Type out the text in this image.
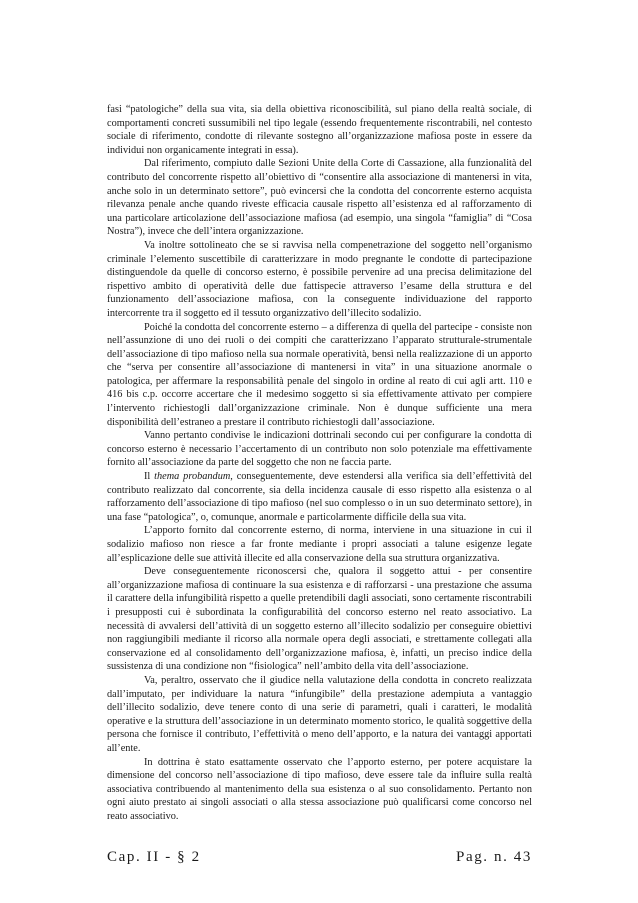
fasi “patologiche” della sua vita, sia della obiettiva riconoscibilità, sul piano della realtà sociale, di comportamenti concreti sussumibili nel tipo legale (essendo frequentemente riscontrabili, nel contesto sociale di riferimento, condotte di rilevante sostegno all’organizzazione mafiosa poste in essere da individui non organicamente integrati in essa).

Dal riferimento, compiuto dalle Sezioni Unite della Corte di Cassazione, alla funzionalità del contributo del concorrente rispetto all’obiettivo di “consentire alla associazione di mantenersi in vita, anche solo in un determinato settore”, può evincersi che la condotta del concorrente esterno acquista rilevanza penale anche quando riveste efficacia causale rispetto all’esistenza ed al rafforzamento di una particolare articolazione dell’associazione mafiosa (ad esempio, una singola “famiglia” di “Cosa Nostra”), invece che dell’intera organizzazione.

Va inoltre sottolineato che se si ravvisa nella compenetrazione del soggetto nell’organismo criminale l’elemento suscettibile di caratterizzare in modo pregnante le condotte di partecipazione distinguendole da quelle di concorso esterno, è possibile pervenire ad una precisa delimitazione del rispettivo ambito di operatività delle due fattispecie attraverso l’esame della struttura e del funzionamento dell’associazione mafiosa, con la conseguente individuazione del rapporto intercorrente tra il soggetto ed il tessuto organizzativo dell’illecito sodalizio.

Poiché la condotta del concorrente esterno – a differenza di quella del partecipe - consiste non nell’assunzione di uno dei ruoli o dei compiti che caratterizzano l’apparato strutturale-strumentale dell’associazione di tipo mafioso nella sua normale operatività, bensì nella realizzazione di un apporto che “serva per consentire all’associazione di mantenersi in vita” in una situazione anormale o patologica, per affermare la responsabilità penale del singolo in ordine al reato di cui agli artt. 110 e 416 bis c.p. occorre accertare che il medesimo soggetto si sia effettivamente attivato per compiere l’intervento richiestogli dall’organizzazione criminale. Non è dunque sufficiente una mera disponibilità dell’estraneo a prestare il contributo richiestogli dall’associazione.

Vanno pertanto condivise le indicazioni dottrinali secondo cui per configurare la condotta di concorso esterno è necessario l’accertamento di un contributo non solo potenziale ma effettivamente fornito all’associazione da parte del soggetto che non ne faccia parte.

Il thema probandum, conseguentemente, deve estendersi alla verifica sia dell’effettività del contributo realizzato dal concorrente, sia della incidenza causale di esso rispetto alla esistenza o al rafforzamento dell’associazione di tipo mafioso (nel suo complesso o in un suo determinato settore), in una fase “patologica”, o, comunque, anormale e particolarmente difficile della sua vita.

L’apporto fornito dal concorrente esterno, di norma, interviene in una situazione in cui il sodalizio mafioso non riesce a far fronte mediante i propri associati a talune esigenze legate all’esplicazione delle sue attività illecite ed alla conservazione della sua struttura organizzativa.

Deve conseguentemente riconoscersi che, qualora il soggetto attui - per consentire all’organizzazione mafiosa di continuare la sua esistenza e di rafforzarsi - una prestazione che assuma il carattere della infungibilità rispetto a quelle pretendibili dagli associati, sono certamente riscontrabili i presupposti cui è subordinata la configurabilità del concorso esterno nel reato associativo. La necessità di avvalersi dell’attività di un soggetto esterno all’illecito sodalizio per conseguire obiettivi non raggiungibili mediante il ricorso alla normale opera degli associati, e strettamente collegati alla conservazione ed al consolidamento dell’organizzazione mafiosa, è, infatti, un preciso indice della sussistenza di una condizione non “fisiologica” nell’ambito della vita dell’associazione.

Va, peraltro, osservato che il giudice nella valutazione della condotta in concreto realizzata dall’imputato, per individuare la natura “infungibile” della prestazione adempiuta a vantaggio dell’illecito sodalizio, deve tenere conto di una serie di parametri, quali i caratteri, le modalità operative e la struttura dell’associazione in un determinato momento storico, le qualità soggettive della persona che fornisce il contributo, l’effettività o meno dell’apporto, e la natura dei vantaggi apportati all’ente.

In dottrina è stato esattamente osservato che l’apporto esterno, per potere acquistare la dimensione del concorso nell’associazione di tipo mafioso, deve essere tale da influire sulla realtà associativa contribuendo al mantenimento della sua esistenza o al suo consolidamento. Pertanto non ogni aiuto prestato ai singoli associati o alla stessa associazione può qualificarsi come concorso nel reato associativo.

Cap. II - § 2	Pag. n. 43
